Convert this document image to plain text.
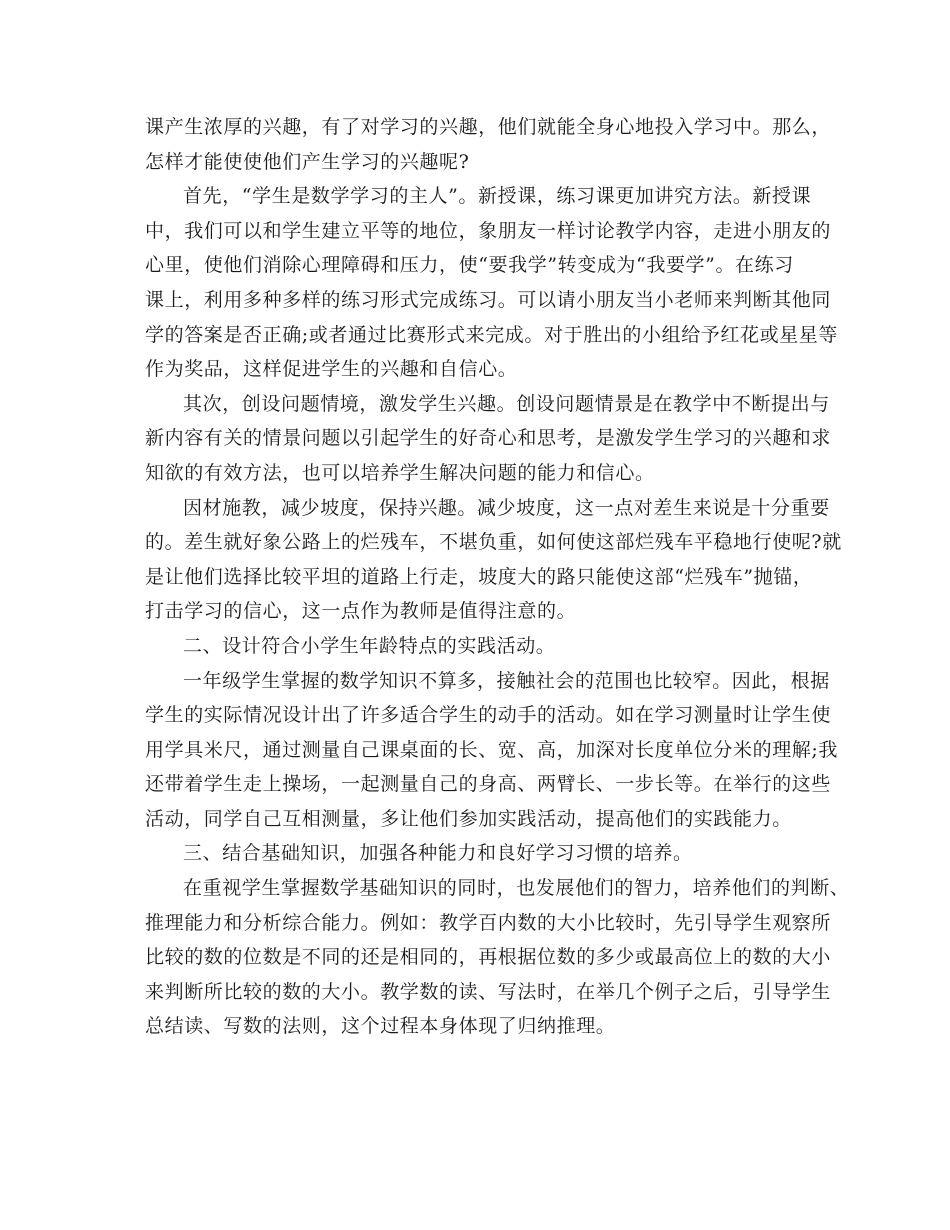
课产生浓厚的兴趣，有了对学习的兴趣，他们就能全身心地投入学习中。那么，
怎样才能使使他们产生学习的兴趣呢?
首先，“学生是数学学习的主人”。新授课，练习课更加讲究方法。新授课
中，我们可以和学生建立平等的地位，象朋友一样讨论教学内容，走进小朋友的
心里，使他们消除心理障碍和压力，使“要我学”转变成为“我要学”。在练习
课上，利用多种多样的练习形式完成练习。可以请小朋友当小老师来判断其他同
学的答案是否正确;或者通过比赛形式来完成。对于胜出的小组给予红花或星星等
作为奖品，这样促进学生的兴趣和自信心。
其次，创设问题情境，激发学生兴趣。创设问题情景是在教学中不断提出与
新内容有关的情景问题以引起学生的好奇心和思考，是激发学生学习的兴趣和求
知欲的有效方法，也可以培养学生解决问题的能力和信心。
因材施教，减少坡度，保持兴趣。减少坡度，这一点对差生来说是十分重要
的。差生就好象公路上的烂残车，不堪负重，如何使这部烂残车平稳地行使呢?就
是让他们选择比较平坦的道路上行走，坡度大的路只能使这部“烂残车”抛锚，
打击学习的信心，这一点作为教师是值得注意的。
二、设计符合小学生年龄特点的实践活动。
一年级学生掌握的数学知识不算多，接触社会的范围也比较窄。因此，根据
学生的实际情况设计出了许多适合学生的动手的活动。如在学习测量时让学生使
用学具米尺，通过测量自己课桌面的长、宽、高，加深对长度单位分米的理解;我
还带着学生走上操场，一起测量自己的身高、两臂长、一步长等。在举行的这些
活动，同学自己互相测量，多让他们参加实践活动，提高他们的实践能力。
三、结合基础知识，加强各种能力和良好学习习惯的培养。
在重视学生掌握数学基础知识的同时，也发展他们的智力，培养他们的判断、
推理能力和分析综合能力。例如：教学百内数的大小比较时，先引导学生观察所
比较的数的位数是不同的还是相同的，再根据位数的多少或最高位上的数的大小
来判断所比较的数的大小。教学数的读、写法时，在举几个例子之后，引导学生
总结读、写数的法则，这个过程本身体现了归纳推理。
